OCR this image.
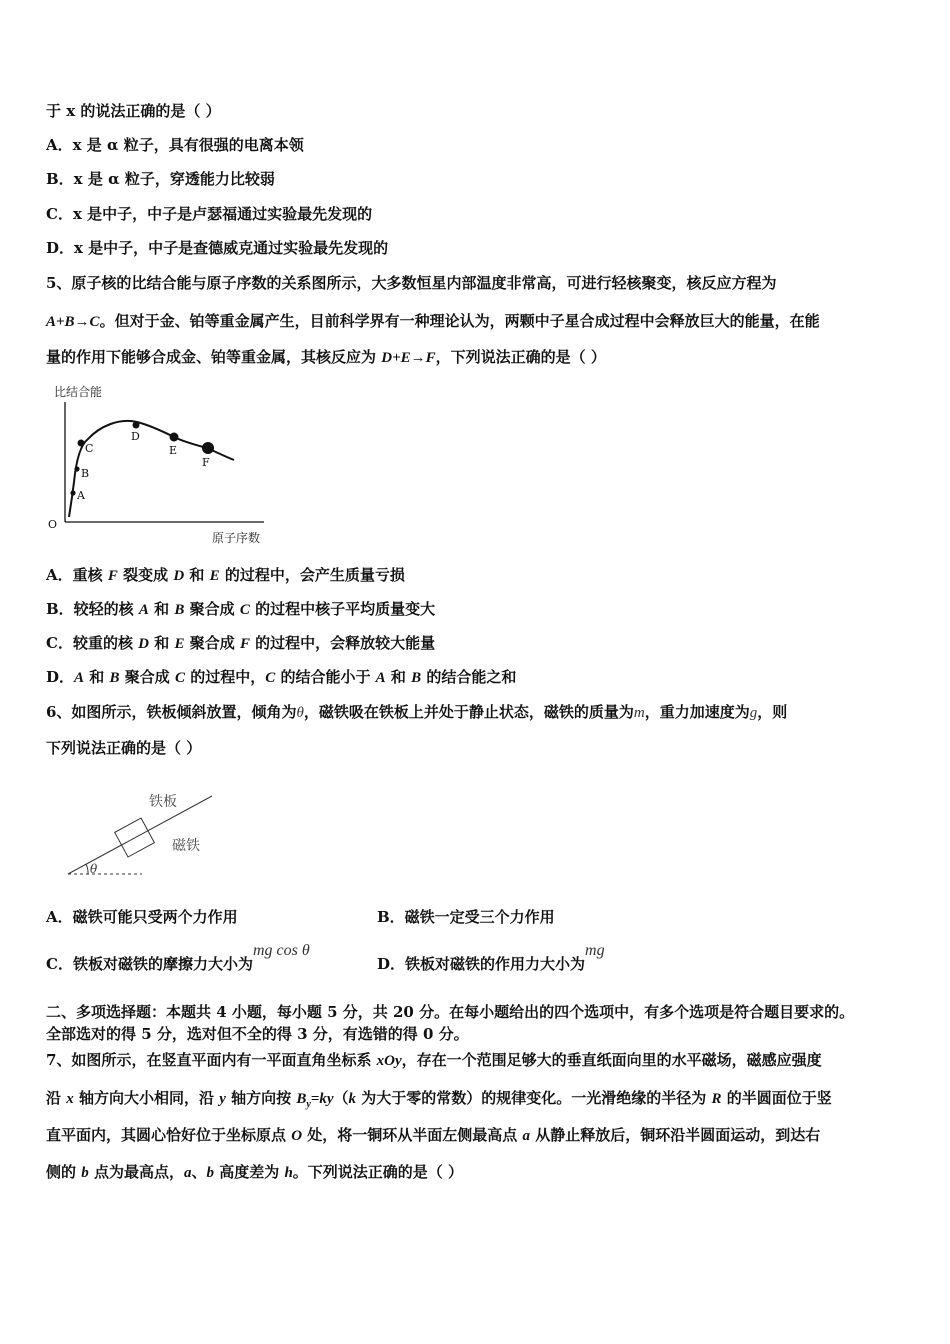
于 x 的说法正确的是（ ）
A．x 是 α 粒子，具有很强的电离本领
B．x 是 α 粒子，穿透能力比较弱
C．x 是中子，中子是卢瑟福通过实验最先发现的
D．x 是中子，中子是查德威克通过实验最先发现的
5、原子核的比结合能与原子序数的关系图所示，大多数恒星内部温度非常高，可进行轻核聚变，核反应方程为
A+B→C。但对于金、铂等重金属产生，目前科学界有一种理论认为，两颗中子星合成过程中会释放巨大的能量，在能
量的作用下能够合成金、铂等重金属，其核反应为 D+E→F，下列说法正确的是（ ）
比结合能
O
原子序数
A
B
C
D
E
F
A．重核 F 裂变成 D 和 E 的过程中，会产生质量亏损
B．较轻的核 A 和 B 聚合成 C 的过程中核子平均质量变大
C．较重的核 D 和 E 聚合成 F 的过程中，会释放较大能量
D．A 和 B 聚合成 C 的过程中，C 的结合能小于 A 和 B 的结合能之和
6、如图所示，铁板倾斜放置，倾角为θ，磁铁吸在铁板上并处于静止状态，磁铁的质量为m，重力加速度为g，则
下列说法正确的是（ ）
θ
铁板
磁铁
A．磁铁可能只受两个力作用	B．磁铁一定受三个力作用
C．铁板对磁铁的摩擦力大小为mg cos θ
D．铁板对磁铁的作用力大小为mg
二、多项选择题：本题共 4 小题，每小题 5 分，共 20 分。在每小题给出的四个选项中，有多个选项是符合题目要求的。
全部选对的得 5 分，选对但不全的得 3 分，有选错的得 0 分。
7、如图所示，在竖直平面内有一平面直角坐标系 xOy，存在一个范围足够大的垂直纸面向里的水平磁场，磁感应强度
沿 x 轴方向大小相同，沿 y 轴方向按 $B_y=ky(k$ 为大于零的常数）的规律变化。一光滑绝缘的半径为 R 的半圆面位于竖
直平面内，其圆心恰好位于坐标原点 O 处，将一铜环从半面左侧最高点 a 从静止释放后，铜环沿半圆面运动，到达右
侧的 b 点为最高点，a、b 高度差为 h。下列说法正确的是（ ）
